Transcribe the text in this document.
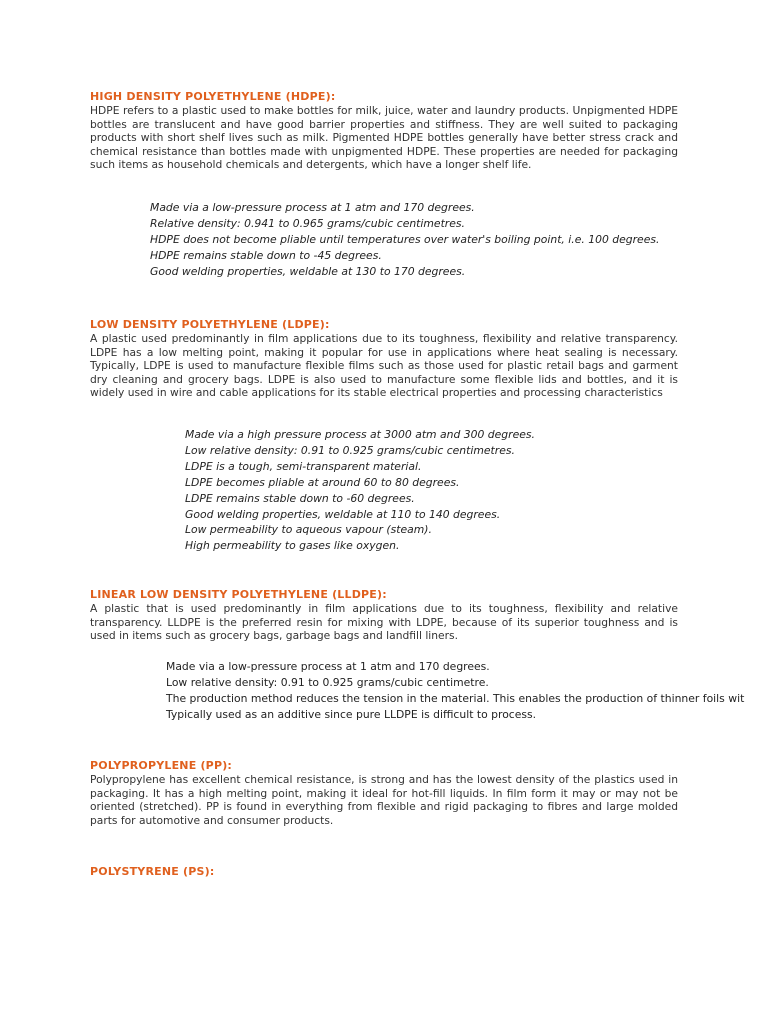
HIGH DENSITY POLYETHYLENE (HDPE):

HDPE refers to a plastic used to make bottles for milk, juice, water and laundry products. Unpigmented HDPE bottles are translucent and have good barrier properties and stiffness. They are well suited to packaging products with short shelf lives such as milk. Pigmented HDPE bottles generally have better stress crack and chemical resistance than bottles made with unpigmented HDPE. These properties are needed for packaging such items as household chemicals and detergents, which have a longer shelf life.

Made via a low-pressure process at 1 atm and 170 degrees.
Relative density: 0.941 to 0.965 grams/cubic centimetres.
HDPE does not become pliable until temperatures over water's boiling point, i.e. 100 degrees.
HDPE remains stable down to -45 degrees.
Good welding properties, weldable at 130 to 170 degrees.
LOW DENSITY POLYETHYLENE (LDPE):

A plastic used predominantly in film applications due to its toughness, flexibility and relative transparency. LDPE has a low melting point, making it popular for use in applications where heat sealing is necessary. Typically, LDPE is used to manufacture flexible films such as those used for plastic retail bags and garment dry cleaning and grocery bags. LDPE is also used to manufacture some flexible lids and bottles, and it is widely used in wire and cable applications for its stable electrical properties and processing characteristics

Made via a high pressure process at 3000 atm and 300 degrees.
Low relative density: 0.91 to 0.925 grams/cubic centimetres.
LDPE is a tough, semi-transparent material.
LDPE becomes pliable at around 60 to 80 degrees.
LDPE remains stable down to -60 degrees.
Good welding properties, weldable at 110 to 140 degrees.
Low permeability to aqueous vapour (steam).
High permeability to gases like oxygen.
LINEAR LOW DENSITY POLYETHYLENE (LLDPE):

A plastic that is used predominantly in film applications due to its toughness, flexibility and relative transparency. LLDPE is the preferred resin for mixing with LDPE, because of its superior toughness and is used in items such as grocery bags, garbage bags and landfill liners.

Made via a low-pressure process at 1 atm and 170 degrees.
Low relative density: 0.91 to 0.925 grams/cubic centimetre.
The production method reduces the tension in the material. This enables the production of thinner foils wit
Typically used as an additive since pure LLDPE is difficult to process.
POLYPROPYLENE (PP):

Polypropylene has excellent chemical resistance, is strong and has the lowest density of the plastics used in packaging. It has a high melting point, making it ideal for hot-fill liquids. In film form it may or may not be oriented (stretched). PP is found in everything from flexible and rigid packaging to fibres and large molded parts for automotive and consumer products.

POLYSTYRENE (PS):
